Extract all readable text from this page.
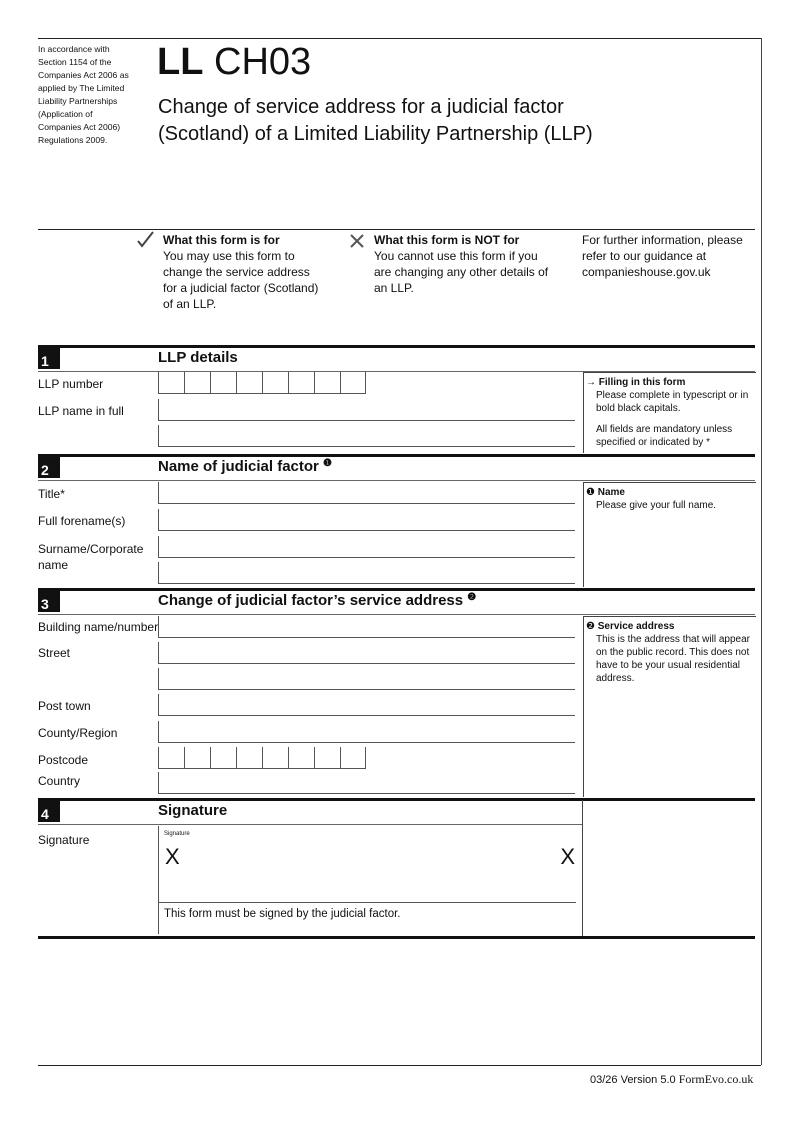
In accordance with
Section 1154 of the
Companies Act 2006 as
applied by The Limited
Liability Partnerships
(Application of
Companies Act 2006)
Regulations 2009.
LL CH03
Change of service address for a judicial factor
(Scotland) of a Limited Liability Partnership (LLP)
What this form is for
You may use this form to
change the service address
for a judicial factor (Scotland)
of an LLP.
What this form is NOT for
You cannot use this form if you
are changing any other details of
an LLP.
For further information, please
refer to our guidance at
companieshouse.gov.uk
1	LLP details
LLP number
LLP name in full
→ Filling in this form
Please complete in typescript or in
bold black capitals.
All fields are mandatory unless
specified or indicated by *
2	Name of judicial factor $^❶$
Title*
Full forename(s)
Surname/Corporate
name
❶ Name
Please give your full name.
3	Change of judicial factor’s service address $^❷$
Building name/number
Street
Post town
County/Region
Postcode
Country
❷ Service address
This is the address that will appear
on the public record. This does not
have to be your usual residential
address.
4	Signature
Signature	Signature
X	X
This form must be signed by the judicial factor.
03/26 Version 5.0 FormEvo.co.uk
